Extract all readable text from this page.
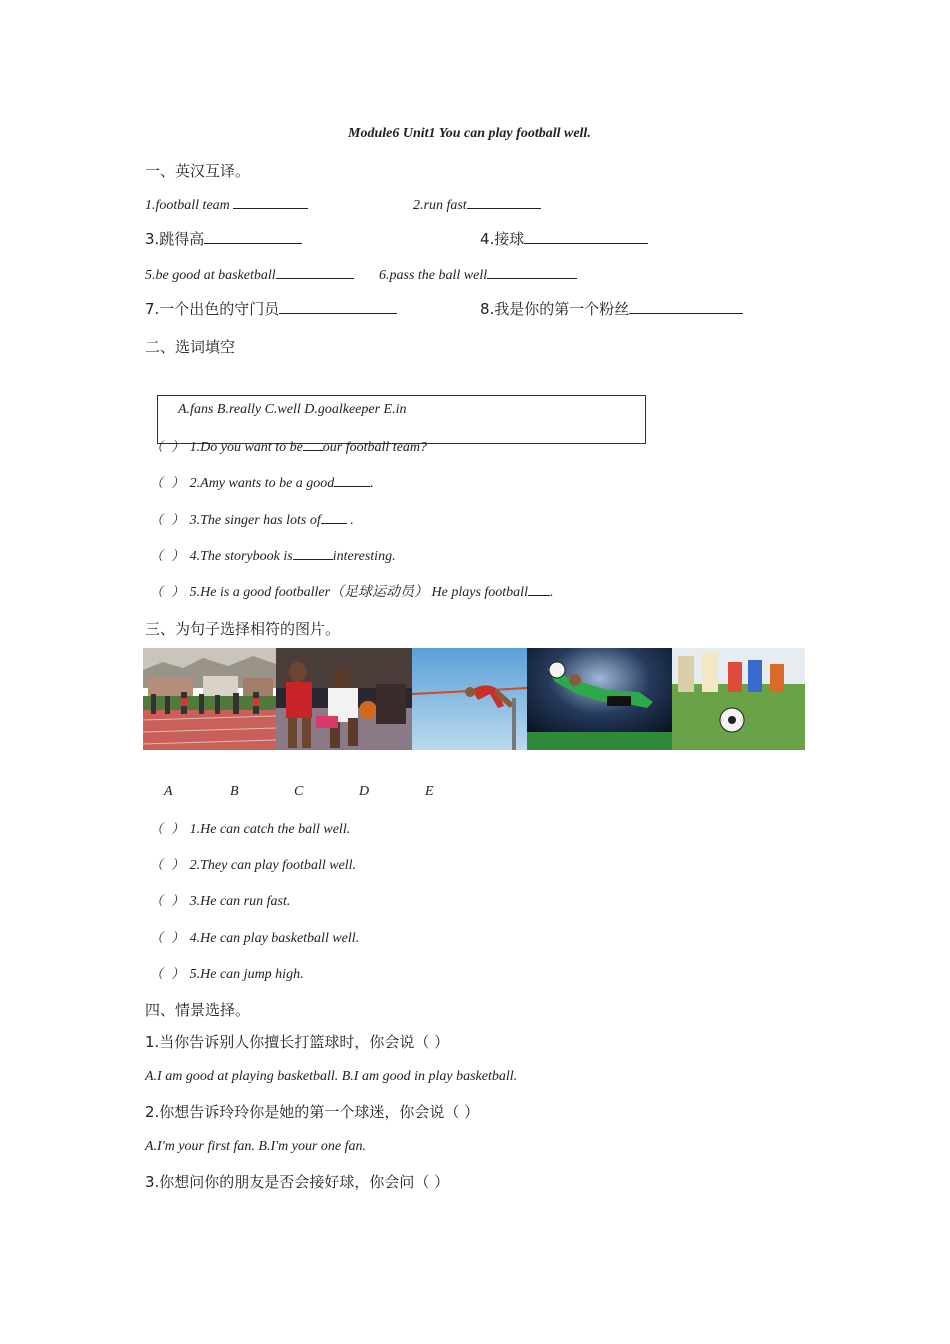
Module6 Unit1 You can play football well.
一、英汉互译。
1.football team	2.run fast
3.跳得高	4.接球
5.be good at basketball	6.pass the ball well
7.一个出色的守门员	8.我是你的第一个粉丝
二、选词填空
A.fans B.really C.well D.goalkeeper E.in
（ ） 1.Do you want to be our football team?
（ ） 2.Amy wants to be a good	.
（ ） 3.The singer has lots of .
（ ） 4.The storybook is	interesting.
（ ） 5.He is a good footballer（足球运动员） He plays football .
三、为句子选择相符的图片。
A	B	C	D	E
（ ） 1.He can catch the ball well.
（ ） 2.They can play football well.
（ ） 3.He can run fast.
（ ） 4.He can play basketball well.
（ ） 5.He can jump high.
四、情景选择。
1.当你告诉别人你擅长打篮球时，你会说（ ）
A.I am good at playing basketball. B.I am good in play basketball.
2.你想告诉玲玲你是她的第一个球迷，你会说（ ）
A.I'm your first fan. B.I'm your one fan.
3.你想问你的朋友是否会接好球，你会问（ ）
